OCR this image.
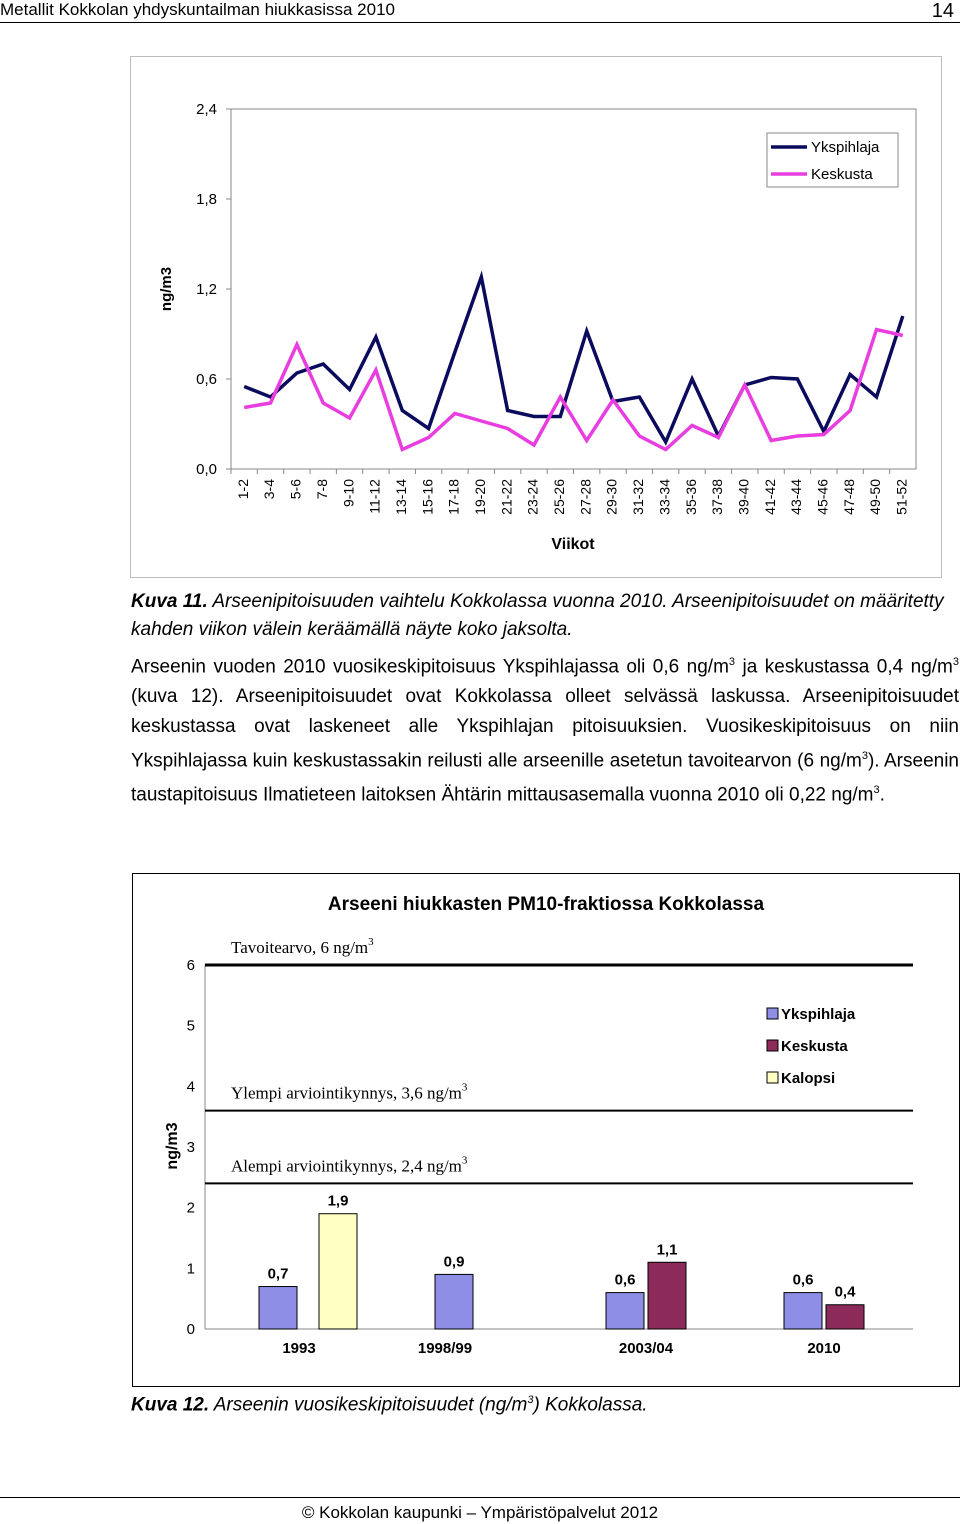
Metallit Kokkolan yhdyskuntailman hiukkasissa 2010	14
0,0
0,6
1,2
1,8
2,4
1-2 3-4 5-6 7-8 9-10 11-12 13-14 15-16 17-18 19-20 21-22 23-24 25-26 27-28 29-30 31-32 33-34 35-36 37-38 39-40 41-42 43-44 45-46 47-48 49-50 51-52
ng/m3
Viikot
Ykspihlaja
Keskusta
Kuva 11. Arseenipitoisuuden vaihtelu Kokkolassa vuonna 2010. Arseenipitoisuudet on määritetty kahden viikon välein keräämällä näyte koko jaksolta.
Arseenin vuoden 2010 vuosikeskipitoisuus Ykspihlajassa oli 0,6 $ng/m^3$ ja keskustassa 0,4 $ng/m^3$ (kuva 12). Arseenipitoisuudet ovat Kokkolassa olleet selvässä laskussa. Arseenipitoisuudet keskustassa ovat laskeneet alle Ykspihlajan pitoisuuksien. Vuosikeskipitoisuus on niin Ykspihlajassa kuin keskustassakin reilusti alle arseenille asetetun tavoitearvon (6 $ng/m^3$). Arseenin taustapitoisuus Ilmatieteen laitoksen Ähtärin mittausasemalla vuonna 2010 oli 0,22 $ng/m^3$.
Arseeni hiukkasten PM10-fraktiossa Kokkolassa
ng/m3
0
1
2
3
4
5
6
Tavoitearvo, 6 $ng/m^3$
Ylempi arviointikynnys, 3,6 $ng/m^3$
Alempi arviointikynnys, 2,4 $ng/m^3$
1993
0,7
1,9
1998/99
0,9
2003/04
0,6
1,1
2010
0,6
0,4
Ykspihlaja
Keskusta
Kalopsi
Kuva 12. Arseenin vuosikeskipitoisuudet $(ng/m^3)$ Kokkolassa.
© Kokkolan kaupunki – Ympäristöpalvelut 2012
